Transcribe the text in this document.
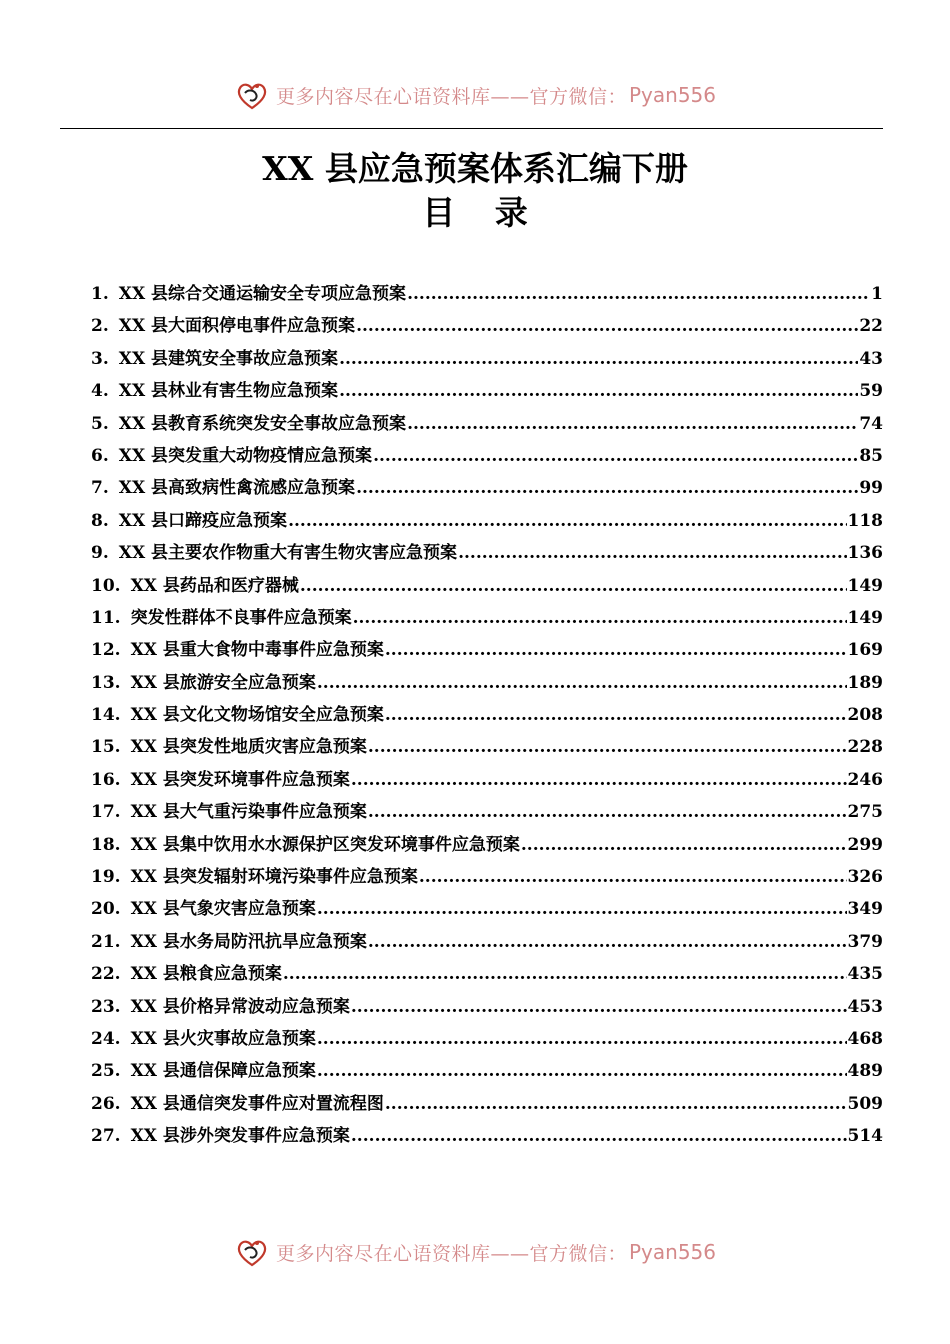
更多内容尽在心语资料库——官方微信： Pyan556
XX 县应急预案体系汇编下册
目 录
1. XX 县综合交通运输安全专项应急预案 .....	1
2. XX 县大面积停电事件应急预案 .....	22
3. XX 县建筑安全事故应急预案 .....	43
4. XX 县林业有害生物应急预案 .....	59
5. XX 县教育系统突发安全事故应急预案 .....	74
6. XX 县突发重大动物疫情应急预案 .....	85
7. XX 县高致病性禽流感应急预案 .....	99
8. XX 县口蹄疫应急预案 .....	118
9. XX 县主要农作物重大有害生物灾害应急预案 .....	136
10. XX 县药品和医疗器械 .....	149
11. 突发性群体不良事件应急预案 .....	149
12. XX 县重大食物中毒事件应急预案 .....	169
13. XX 县旅游安全应急预案 .....	189
14. XX 县文化文物场馆安全应急预案 .....	208
15. XX 县突发性地质灾害应急预案 .....	228
16. XX 县突发环境事件应急预案 .....	246
17. XX 县大气重污染事件应急预案 .....	275
18. XX 县集中饮用水水源保护区突发环境事件应急预案 .....	299
19. XX 县突发辐射环境污染事件应急预案 .....	326
20. XX 县气象灾害应急预案 .....	349
21. XX 县水务局防汛抗旱应急预案 .....	379
22. XX 县粮食应急预案 .....	435
23. XX 县价格异常波动应急预案 .....	453
24. XX 县火灾事故应急预案 .....	468
25. XX 县通信保障应急预案 .....	489
26. XX 县通信突发事件应对置流程图 .....	509
27. XX 县涉外突发事件应急预案 .....	514
更多内容尽在心语资料库——官方微信： Pyan556
